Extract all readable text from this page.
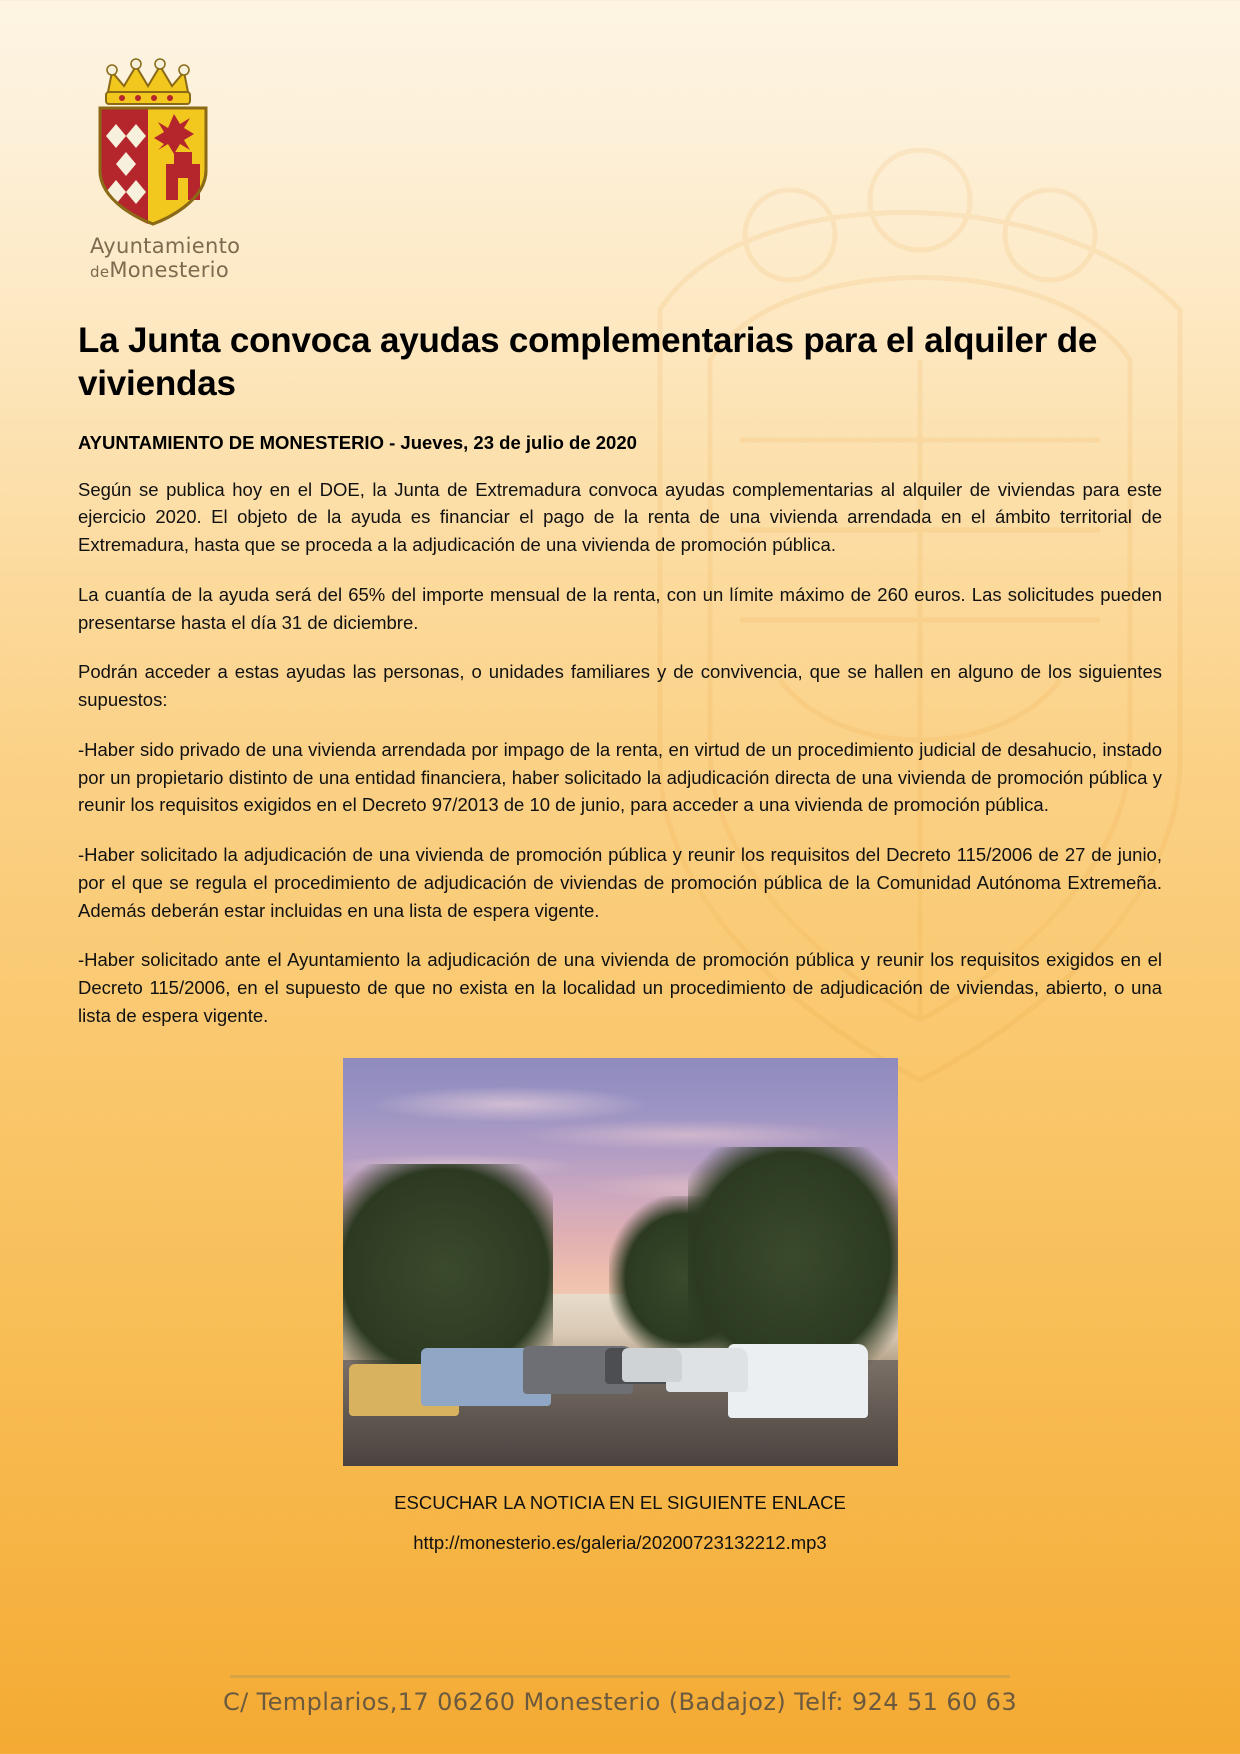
Ayuntamiento
deMonesterio
La Junta convoca ayudas complementarias para el alquiler de viviendas
AYUNTAMIENTO DE MONESTERIO - Jueves, 23 de julio de 2020

Según se publica hoy en el DOE, la Junta de Extremadura convoca ayudas complementarias al alquiler de viviendas para este ejercicio 2020. El objeto de la ayuda es financiar el pago de la renta de una vivienda arrendada en el ámbito territorial de Extremadura, hasta que se proceda a la adjudicación de una vivienda de promoción pública.

La cuantía de la ayuda será del 65% del importe mensual de la renta, con un límite máximo de 260 euros. Las solicitudes pueden presentarse hasta el día 31 de diciembre.

Podrán acceder a estas ayudas las personas, o unidades familiares y de convivencia, que se hallen en alguno de los siguientes supuestos:

-Haber sido privado de una vivienda arrendada por impago de la renta, en virtud de un procedimiento judicial de desahucio, instado por un propietario distinto de una entidad financiera, haber solicitado la adjudicación directa de una vivienda de promoción pública y reunir los requisitos exigidos en el Decreto 97/2013 de 10 de junio, para acceder a una vivienda de promoción pública.

-Haber solicitado la adjudicación de una vivienda de promoción pública y reunir los requisitos del Decreto 115/2006 de 27 de junio, por el que se regula el procedimiento de adjudicación de viviendas de promoción pública de la Comunidad Autónoma Extremeña. Además deberán estar incluidas en una lista de espera vigente.

-Haber solicitado ante el Ayuntamiento la adjudicación de una vivienda de promoción pública y reunir los requisitos exigidos en el Decreto 115/2006, en el supuesto de que no exista en la localidad un procedimiento de adjudicación de viviendas, abierto, o una lista de espera vigente.

ESCUCHAR LA NOTICIA EN EL SIGUIENTE ENLACE
http://monesterio.es/galeria/20200723132212.mp3
C/ Templarios,17 06260 Monesterio (Badajoz) Telf: 924 51 60 63
